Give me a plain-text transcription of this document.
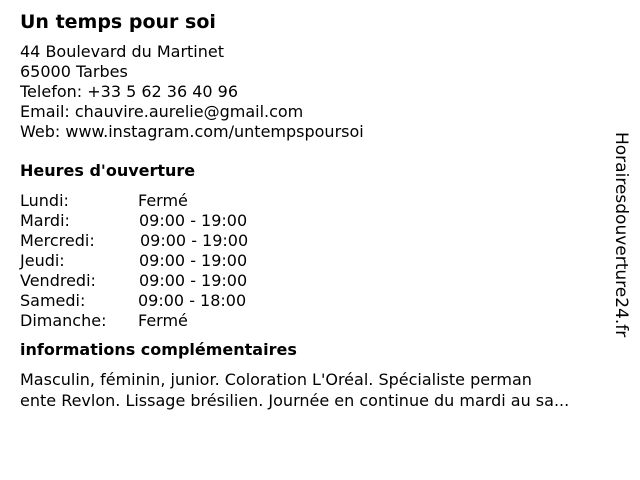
Un temps pour soi
44 Boulevard du Martinet
65000 Tarbes
Telefon: +33 5 62 36 40 96
Email: chauvire.aurelie@gmail.com
Web: www.instagram.com/untempspoursoi
Heures d'ouverture
Lundi:	Fermé
Mardi:	09:00 - 19:00
Mercredi:	09:00 - 19:00
Jeudi:	09:00 - 19:00
Vendredi:	09:00 - 19:00
Samedi:	09:00 - 18:00
Dimanche: Fermé
informations complémentaires
Masculin, féminin, junior. Coloration L'Oréal. Spécialiste perman
ente Revlon. Lissage brésilien. Journée en continue du mardi au sa...
Horairesdouverture24.fr
